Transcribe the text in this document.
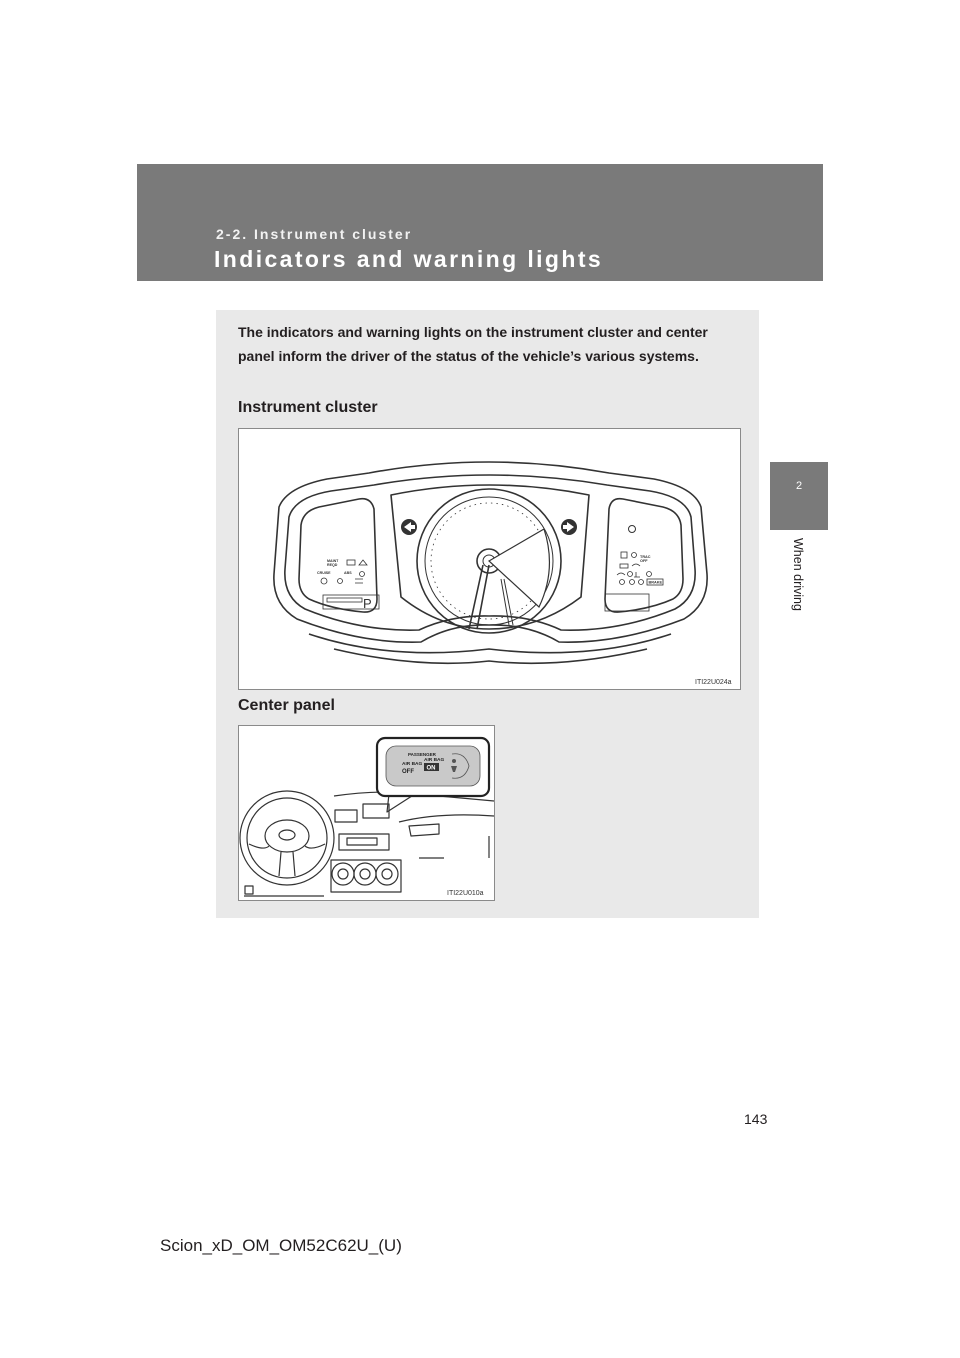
2-2. Instrument cluster
Indicators and warning lights
2
When driving

The indicators and warning lights on the instrument cluster and center panel inform the driver of the status of the vehicle’s various systems.

Instrument cluster
MAINT
REQD
CRUISE	ABS
P
TRAC
OFF
BRAKE
ITI22U024a
Center panel
PASSENGER
AIR BAG
OFF
AIR BAG
ON
ITI22U010a
143
Scion_xD_OM_OM52C62U_(U)
